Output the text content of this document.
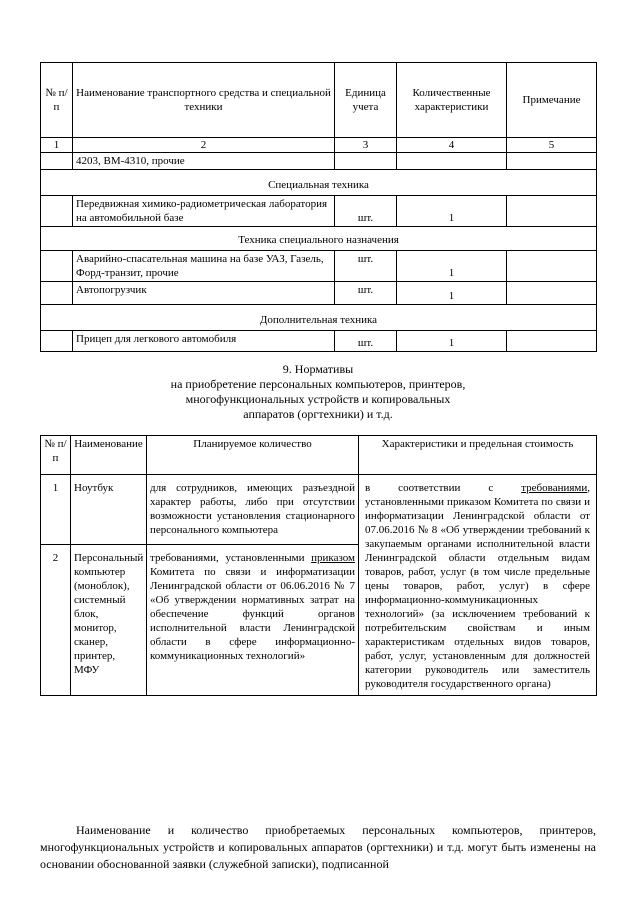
№ п/п	Наименование транспортного средства и специальной техники	Единица учета	Количественные характеристики	Примечание
1	2	3	4	5
	4203, ВМ-4310, прочие			
Специальная техника				
	Передвижная химико-радиометрическая лаборатория на автомобильной базе	шт.	1	
Техника специального назначения				
	Аварийно-спасательная машина на базе УАЗ, Газель, Форд-транзит, прочие	шт.	1	
	Автопогрузчик	шт.	1	
Дополнительная техника				
	Прицеп для легкового автомобиля	шт.	1	
9. Нормативы
на приобретение персональных компьютеров, принтеров,
многофункциональных устройств и копировальных
аппаратов (оргтехники) и т.д.
№ п/п	Наименование	Планируемое количество	Характеристики и предельная стоимость
1	Ноутбук	для сотрудников, имеющих разъездной характер работы, либо при отсутствии возможности установления стационарного персонального компьютера	в соответствии с требованиями, установленными приказом Комитета по связи и информатизации Ленинградской области от 07.06.2016 № 8 «Об утверждении требований к закупаемым органами исполнительной власти Ленинградской области отдельным видам товаров, работ, услуг (в том числе предельные цены товаров, работ, услуг) в сфере информационно-коммуникационных технологий» (за исключением требований к потребительским свойствам и иным характеристикам отдельных видов товаров, работ, услуг, установленным для должностей категории руководитель или заместитель руководителя государственного органа)
2	Персональный компьютер (моноблок), системный блок, монитор, сканер, принтер, МФУ	требованиями, установленными приказом Комитета по связи и информатизации Ленинградской области от 06.06.2016 № 7 «Об утверждении нормативных затрат на обеспечение функций органов исполнительной власти Ленинградской области в сфере информационно-коммуникационных технологий»	
Наименование и количество приобретаемых персональных компьютеров, принтеров, многофункциональных устройств и копировальных аппаратов (оргтехники) и т.д. могут быть изменены на основании обоснованной заявки (служебной записки), подписанной
